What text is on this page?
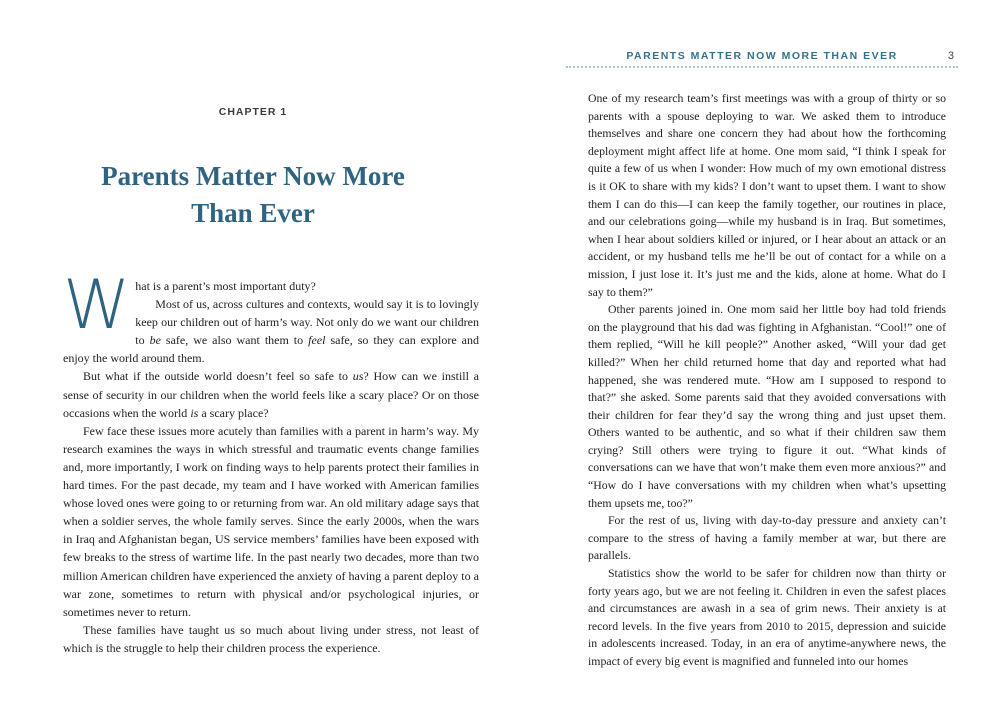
CHAPTER 1
Parents Matter Now More
Than Ever
W hat is a parent’s most important duty?

Most of us, across cultures and contexts, would say it is to lovingly keep our children out of harm’s way. Not only do we want our children to be safe, we also want them to feel safe, so they can explore and enjoy the world around them.

But what if the outside world doesn’t feel so safe to us? How can we instill a sense of security in our children when the world feels like a scary place? Or on those occasions when the world is a scary place?

Few face these issues more acutely than families with a parent in harm’s way. My research examines the ways in which stressful and traumatic events change families and, more importantly, I work on finding ways to help parents protect their families in hard times. For the past decade, my team and I have worked with American families whose loved ones were going to or returning from war. An old military adage says that when a soldier serves, the whole family serves. Since the early 2000s, when the wars in Iraq and Afghanistan began, US service members’ families have been exposed with few breaks to the stress of wartime life. In the past nearly two decades, more than two million American children have experienced the anxiety of having a parent deploy to a war zone, sometimes to return with physical and/or psychological injuries, or sometimes never to return.

These families have taught us so much about living under stress, not least of which is the struggle to help their children process the experience.

PARENTS MATTER NOW MORE THAN EVER	3

One of my research team’s first meetings was with a group of thirty or so parents with a spouse deploying to war. We asked them to introduce themselves and share one concern they had about how the forthcoming deployment might affect life at home. One mom said, “I think I speak for quite a few of us when I wonder: How much of my own emotional distress is it OK to share with my kids? I don’t want to upset them. I want to show them I can do this—I can keep the family together, our routines in place, and our celebrations going—while my husband is in Iraq. But sometimes, when I hear about soldiers killed or injured, or I hear about an attack or an accident, or my husband tells me he’ll be out of contact for a while on a mission, I just lose it. It’s just me and the kids, alone at home. What do I say to them?”

Other parents joined in. One mom said her little boy had told friends on the playground that his dad was fighting in Afghanistan. “Cool!” one of them replied, “Will he kill people?” Another asked, “Will your dad get killed?” When her child returned home that day and reported what had happened, she was rendered mute. “How am I supposed to respond to that?” she asked. Some parents said that they avoided conversations with their children for fear they’d say the wrong thing and just upset them. Others wanted to be authentic, and so what if their children saw them crying? Still others were trying to figure it out. “What kinds of conversations can we have that won’t make them even more anxious?” and “How do I have conversations with my children when what’s upsetting them upsets me, too?”

For the rest of us, living with day-to-day pressure and anxiety can’t compare to the stress of having a family member at war, but there are parallels.

Statistics show the world to be safer for children now than thirty or forty years ago, but we are not feeling it. Children in even the safest places and circumstances are awash in a sea of grim news. Their anxiety is at record levels. In the five years from 2010 to 2015, depression and suicide in adolescents increased. Today, in an era of anytime-anywhere news, the impact of every big event is magnified and funneled into our homes
